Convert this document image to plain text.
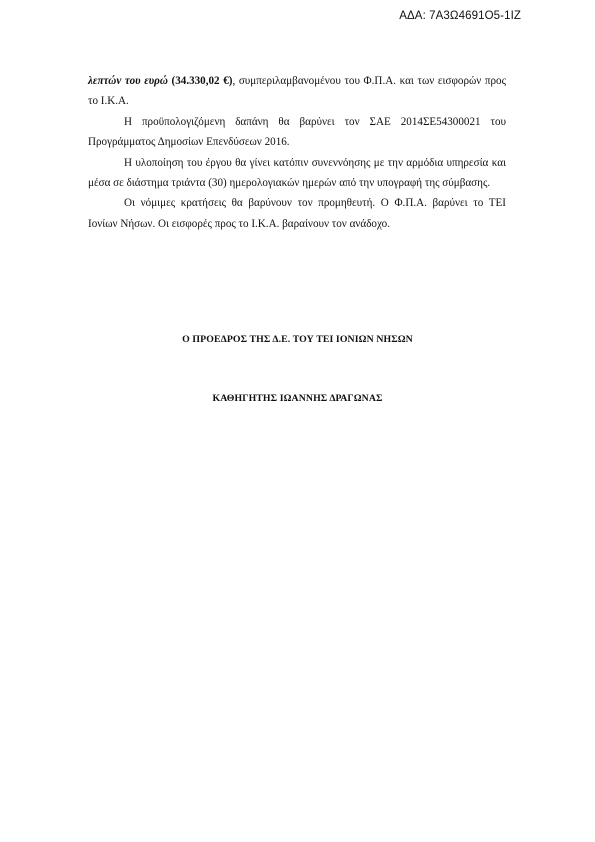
ΑΔΑ: 7Α3Ω4691Ο5-1ΙΖ

λεπτών του ευρώ (34.330,02 €), συμπεριλαμβανομένου του Φ.Π.Α. και των εισφορών προς το Ι.Κ.Α.

Η προϋπολογιζόμενη δαπάνη θα βαρύνει τον ΣΑΕ 2014ΣΕ54300021 του Προγράμματος Δημοσίων Επενδύσεων 2016.

Η υλοποίηση του έργου θα γίνει κατόπιν συνεννόησης με την αρμόδια υπηρεσία και μέσα σε διάστημα τριάντα (30) ημερολογιακών ημερών από την υπογραφή της σύμβασης.

Οι νόμιμες κρατήσεις θα βαρύνουν τον προμηθευτή. Ο Φ.Π.Α. βαρύνει το ΤΕΙ Ιονίων Νήσων. Οι εισφορές προς το Ι.Κ.Α. βαραίνουν τον ανάδοχο.

Ο ΠΡΟΕΔΡΟΣ ΤΗΣ Δ.Ε. ΤΟΥ ΤΕΙ ΙΟΝΙΩΝ ΝΗΣΩΝ
ΚΑΘΗΓΗΤΗΣ ΙΩΑΝΝΗΣ ΔΡΑΓΩΝΑΣ
